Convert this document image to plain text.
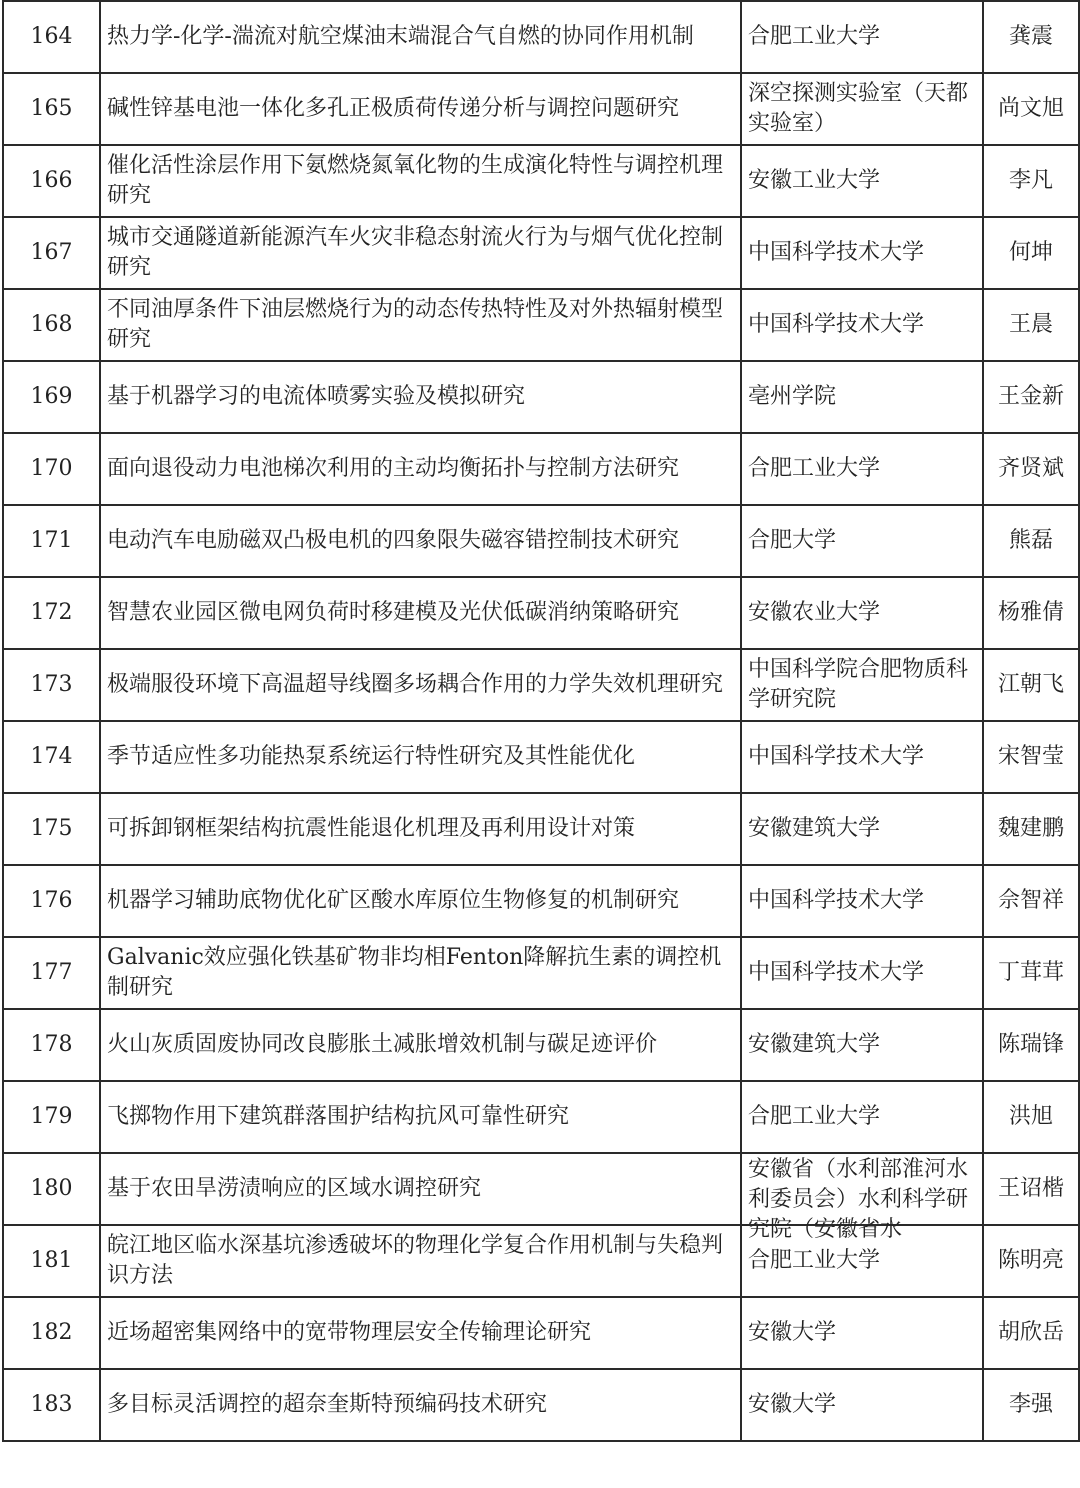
164	热力学-化学-湍流对航空煤油末端混合气自燃的协同作用机制	合肥工业大学	龚震

165	碱性锌基电池一体化多孔正极质荷传递分析与调控问题研究	深空探测实验室（天都实验室）	尚文旭

166	催化活性涂层作用下氨燃烧氮氧化物的生成演化特性与调控机理研究	安徽工业大学	李凡

167	城市交通隧道新能源汽车火灾非稳态射流火行为与烟气优化控制研究	中国科学技术大学	何坤

168	不同油厚条件下油层燃烧行为的动态传热特性及对外热辐射模型研究	中国科学技术大学	王晨

169	基于机器学习的电流体喷雾实验及模拟研究	亳州学院	王金新

170	面向退役动力电池梯次利用的主动均衡拓扑与控制方法研究	合肥工业大学	齐贤斌

171	电动汽车电励磁双凸极电机的四象限失磁容错控制技术研究	合肥大学	熊磊

172	智慧农业园区微电网负荷时移建模及光伏低碳消纳策略研究	安徽农业大学	杨雅倩

173	极端服役环境下高温超导线圈多场耦合作用的力学失效机理研究	中国科学院合肥物质科学研究院	江朝飞

174	季节适应性多功能热泵系统运行特性研究及其性能优化	中国科学技术大学	宋智莹

175	可拆卸钢框架结构抗震性能退化机理及再利用设计对策	安徽建筑大学	魏建鹏

176	机器学习辅助底物优化矿区酸水库原位生物修复的机制研究	中国科学技术大学	佘智祥

177	Galvanic效应强化铁基矿物非均相Fenton降解抗生素的调控机制研究	中国科学技术大学	丁茸茸

178	火山灰质固废协同改良膨胀土减胀增效机制与碳足迹评价	安徽建筑大学	陈瑞锋

179	飞掷物作用下建筑群落围护结构抗风可靠性研究	合肥工业大学	洪旭

180	基于农田旱涝渍响应的区域水调控研究	安徽省（水利部淮河水利委员会）水利科学研究院（安徽省水	王诏楷

181	皖江地区临水深基坑渗透破坏的物理化学复合作用机制与失稳判识方法	合肥工业大学	陈明亮

182	近场超密集网络中的宽带物理层安全传输理论研究	安徽大学	胡欣岳

183	多目标灵活调控的超奈奎斯特预编码技术研究	安徽大学	李强
